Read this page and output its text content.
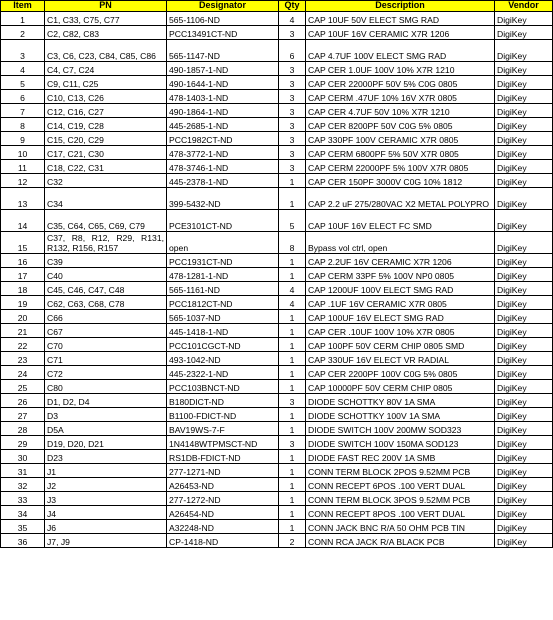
Item	PN	Designator	Qty	Description	Vendor
1	C1, C33, C75, C77	565-1106-ND	4	CAP 10UF 50V ELECT SMG RAD	DigiKey
2	C2, C82, C83	PCC13491CT-ND	3	CAP 10UF 16V CERAMIC X7R 1206	DigiKey
3	C3, C6, C23, C84, C85, C86	565-1147-ND	6	CAP 4.7UF 100V ELECT SMG RAD	DigiKey
4	C4, C7, C24	490-1857-1-ND	3	CAP CER 1.0UF 100V 10% X7R 1210	DigiKey
5	C9, C11, C25	490-1644-1-ND	3	CAP CER 22000PF 50V 5% C0G 0805	DigiKey
6	C10, C13, C26	478-1403-1-ND	3	CAP CERM .47UF 10% 16V X7R 0805	DigiKey
7	C12, C16, C27	490-1864-1-ND	3	CAP CER 4.7UF 50V 10% X7R 1210	DigiKey
8	C14, C19, C28	445-2685-1-ND	3	CAP CER 8200PF 50V C0G 5% 0805	DigiKey
9	C15, C20, C29	PCC1982CT-ND	3	CAP 330PF 100V CERAMIC X7R 0805	DigiKey
10	C17, C21, C30	478-3772-1-ND	3	CAP CERM 6800PF 5% 50V X7R 0805	DigiKey
11	C18, C22, C31	478-3746-1-ND	3	CAP CERM 22000PF 5% 100V X7R 0805	DigiKey
12	C32	445-2378-1-ND	1	CAP CER 150PF 3000V C0G 10% 1812	DigiKey
13	C34	399-5432-ND	1	CAP 2.2 uF 275/280VAC X2 METAL POLYPRO	DigiKey
14	C35, C64, C65, C69, C79	PCE3101CT-ND	5	CAP 10UF 16V ELECT FC SMD	DigiKey
15	C37, R8, R12, R29, R131, R132, R156, R157	open	8	Bypass vol ctrl, open	DigiKey
16	C39	PCC1931CT-ND	1	CAP 2.2UF 16V CERAMIC X7R 1206	DigiKey
17	C40	478-1281-1-ND	1	CAP CERM 33PF 5% 100V NP0 0805	DigiKey
18	C45, C46, C47, C48	565-1161-ND	4	CAP 1200UF 100V ELECT SMG RAD	DigiKey
19	C62, C63, C68, C78	PCC1812CT-ND	4	CAP .1UF 16V CERAMIC X7R 0805	DigiKey
20	C66	565-1037-ND	1	CAP 100UF 16V ELECT SMG RAD	DigiKey
21	C67	445-1418-1-ND	1	CAP CER .10UF 100V 10% X7R 0805	DigiKey
22	C70	PCC101CGCT-ND	1	CAP 100PF 50V CERM CHIP 0805 SMD	DigiKey
23	C71	493-1042-ND	1	CAP 330UF 16V ELECT VR RADIAL	DigiKey
24	C72	445-2322-1-ND	1	CAP CER 2200PF 100V C0G 5% 0805	DigiKey
25	C80	PCC103BNCT-ND	1	CAP 10000PF 50V CERM CHIP 0805	DigiKey
26	D1, D2, D4	B180DICT-ND	3	DIODE SCHOTTKY 80V 1A SMA	DigiKey
27	D3	B1100-FDICT-ND	1	DIODE SCHOTTKY 100V 1A SMA	DigiKey
28	D5A	BAV19WS-7-F	1	DIODE SWITCH 100V 200MW SOD323	DigiKey
29	D19, D20, D21	1N4148WTPMSCT-ND	3	DIODE SWITCH 100V 150MA SOD123	DigiKey
30	D23	RS1DB-FDICT-ND	1	DIODE FAST REC 200V 1A SMB	DigiKey
31	J1	277-1271-ND	1	CONN TERM BLOCK 2POS 9.52MM PCB	DigiKey
32	J2	A26453-ND	1	CONN RECEPT 6POS .100 VERT DUAL	DigiKey
33	J3	277-1272-ND	1	CONN TERM BLOCK 3POS 9.52MM PCB	DigiKey
34	J4	A26454-ND	1	CONN RECEPT 8POS .100 VERT DUAL	DigiKey
35	J6	A32248-ND	1	CONN JACK BNC R/A 50 OHM PCB TIN	DigiKey
36	J7, J9	CP-1418-ND	2	CONN RCA JACK R/A BLACK PCB	DigiKey
